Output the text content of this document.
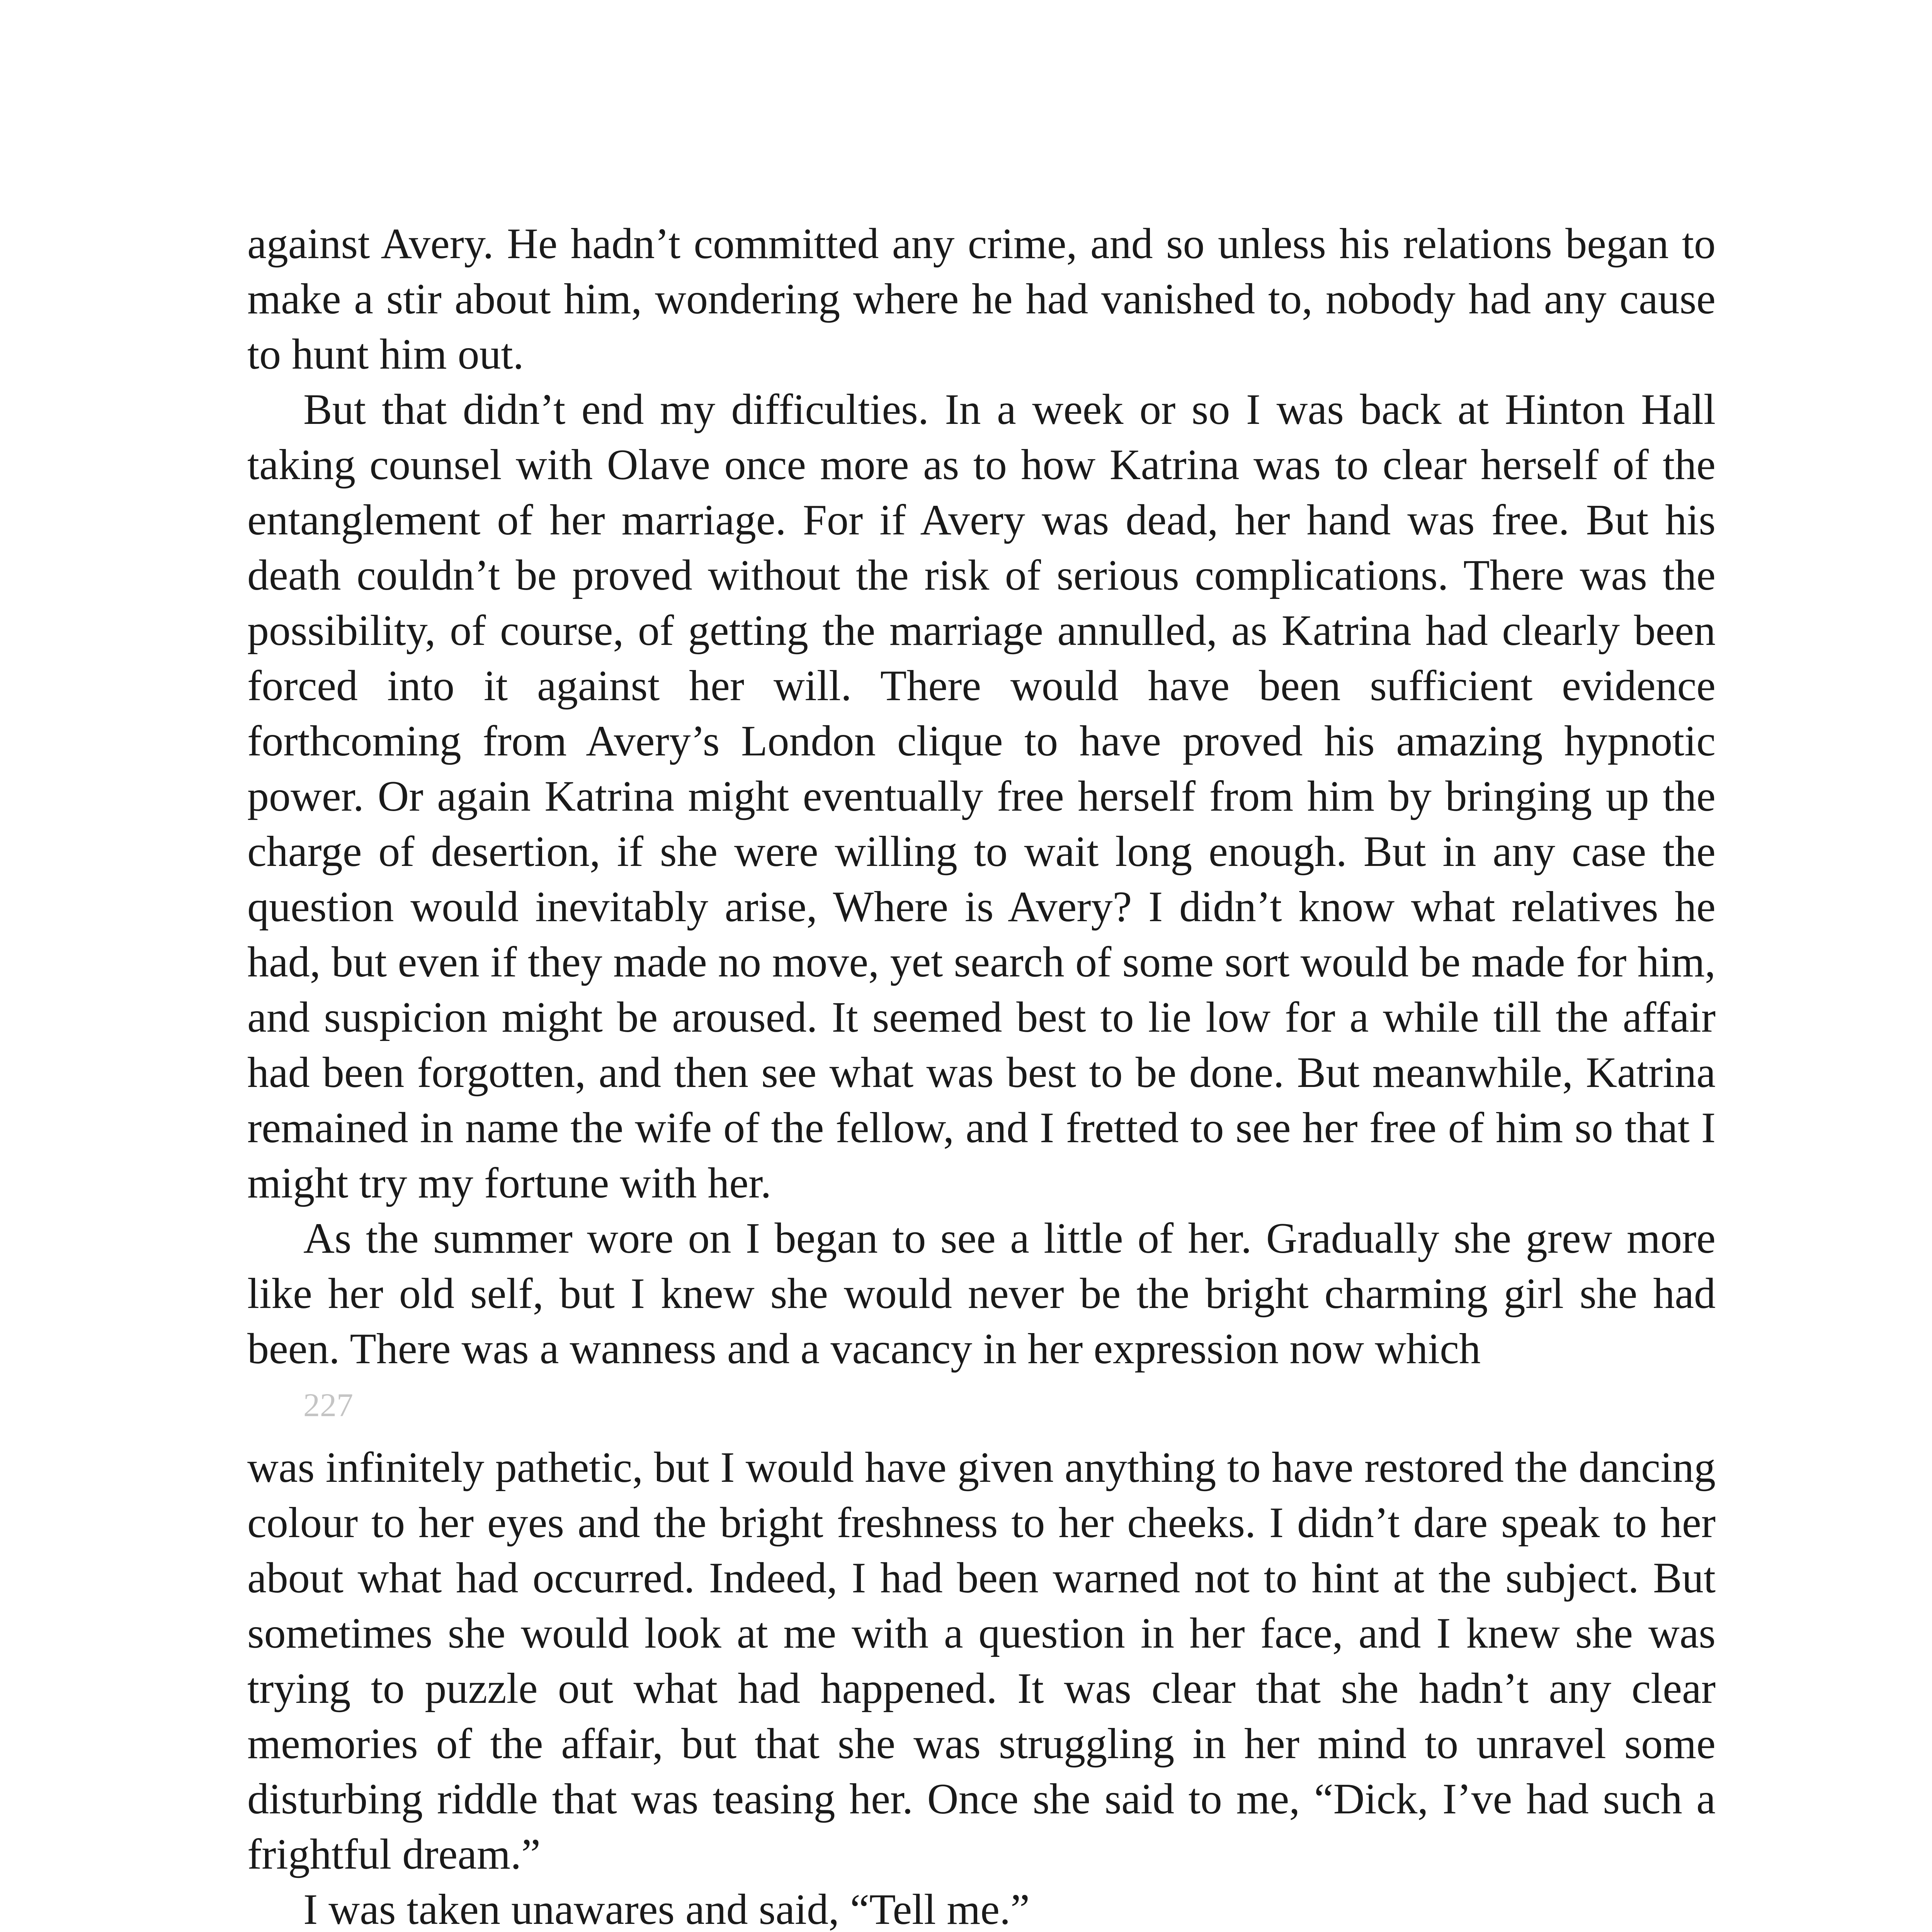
against Avery. He hadn’t committed any crime, and so unless his relations began to make a stir about him, wondering where he had vanished to, nobody had any cause to hunt him out.

But that didn’t end my difficulties. In a week or so I was back at Hinton Hall taking counsel with Olave once more as to how Katrina was to clear herself of the entanglement of her marriage. For if Avery was dead, her hand was free. But his death couldn’t be proved without the risk of serious complications. There was the possibility, of course, of getting the marriage annulled, as Katrina had clearly been forced into it against her will. There would have been sufficient evidence forthcoming from Avery’s London clique to have proved his amazing hypnotic power. Or again Katrina might eventually free herself from him by bringing up the charge of desertion, if she were willing to wait long enough. But in any case the question would inevitably arise, Where is Avery? I didn’t know what relatives he had, but even if they made no move, yet search of some sort would be made for him, and suspicion might be aroused. It seemed best to lie low for a while till the affair had been forgotten, and then see what was best to be done. But meanwhile, Katrina remained in name the wife of the fellow, and I fretted to see her free of him so that I might try my fortune with her.

As the summer wore on I began to see a little of her. Gradually she grew more like her old self, but I knew she would never be the bright charming girl she had been. There was a wanness and a vacancy in her expression now which

227

was infinitely pathetic, but I would have given anything to have restored the dancing colour to her eyes and the bright freshness to her cheeks. I didn’t dare speak to her about what had occurred. Indeed, I had been warned not to hint at the subject. But sometimes she would look at me with a question in her face, and I knew she was trying to puzzle out what had happened. It was clear that she hadn’t any clear memories of the affair, but that she was struggling in her mind to unravel some disturbing riddle that was teasing her. Once she said to me, “Dick, I’ve had such a frightful dream.”

I was taken unawares and said, “Tell me.”
